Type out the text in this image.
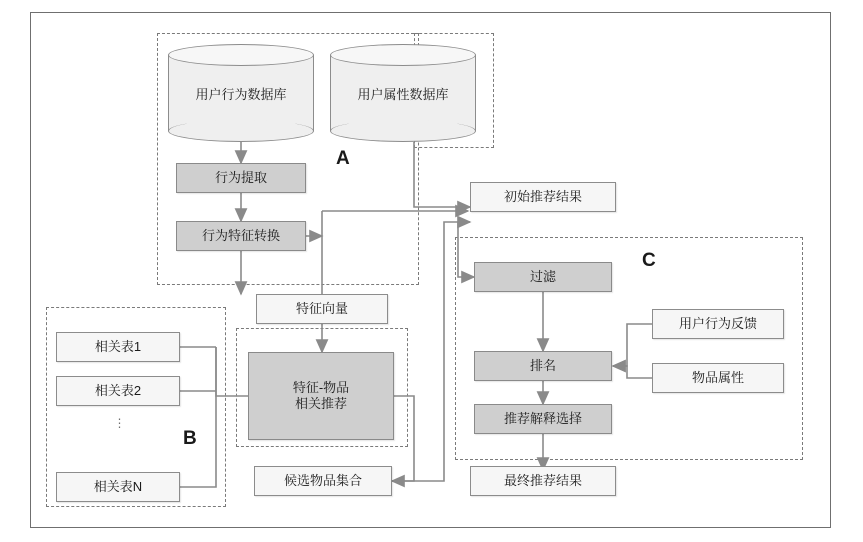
A
B
C
用户行为数据库	用户属性数据库
行为提取
行为特征转换
特征向量
相关表1
相关表2
⋮
相关表N
特征-物品
相关推荐
候选物品集合
初始推荐结果
过滤
排名
推荐解释选择
最终推荐结果
用户行为反馈
物品属性
